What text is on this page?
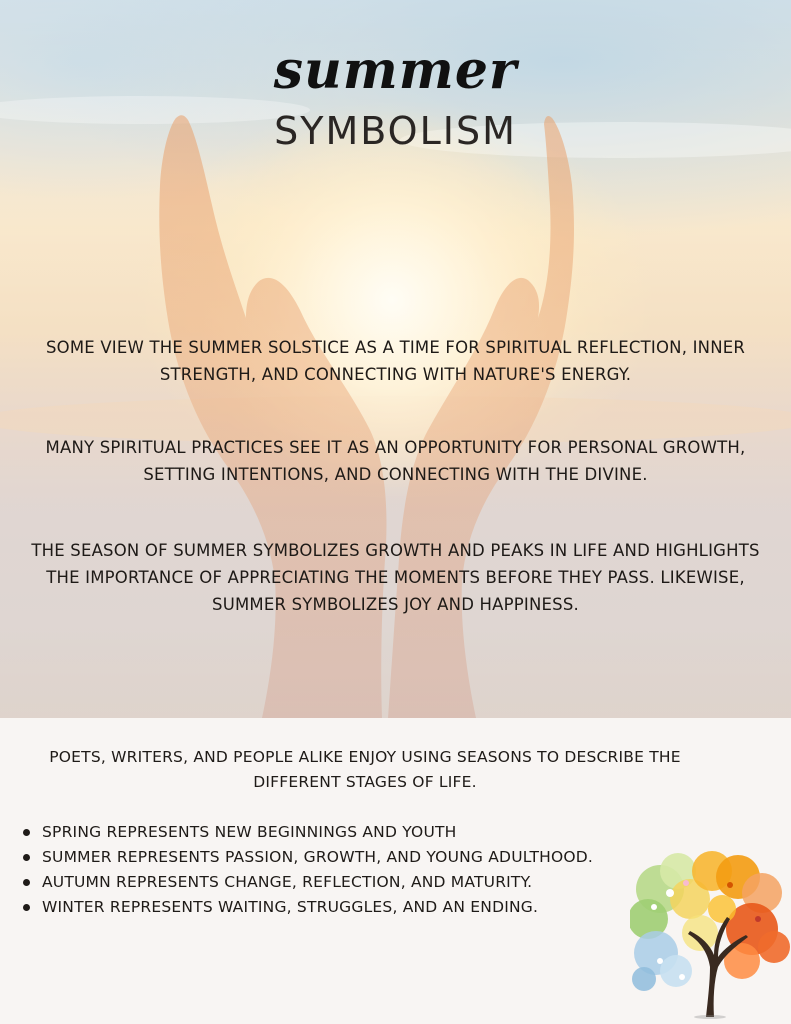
summer
SYMBOLISM

SOME VIEW THE SUMMER SOLSTICE AS A TIME FOR SPIRITUAL REFLECTION, INNER STRENGTH, AND CONNECTING WITH NATURE'S ENERGY.

MANY SPIRITUAL PRACTICES SEE IT AS AN OPPORTUNITY FOR PERSONAL GROWTH, SETTING INTENTIONS, AND CONNECTING WITH THE DIVINE.

THE SEASON OF SUMMER SYMBOLIZES GROWTH AND PEAKS IN LIFE AND HIGHLIGHTS THE IMPORTANCE OF APPRECIATING THE MOMENTS BEFORE THEY PASS. LIKEWISE, SUMMER SYMBOLIZES JOY AND HAPPINESS.

POETS, WRITERS, AND PEOPLE ALIKE ENJOY USING SEASONS TO DESCRIBE THE DIFFERENT STAGES OF LIFE.

SPRING REPRESENTS NEW BEGINNINGS AND YOUTH
SUMMER REPRESENTS PASSION, GROWTH, AND YOUNG ADULTHOOD.
AUTUMN REPRESENTS CHANGE, REFLECTION, AND MATURITY.
WINTER REPRESENTS WAITING, STRUGGLES, AND AN ENDING.
